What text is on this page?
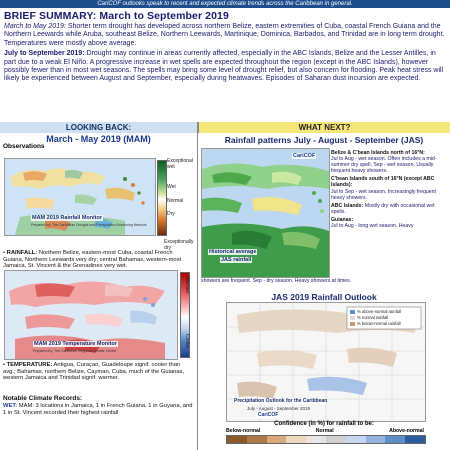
CariCOF outlooks speak to recent and expected climate trends across the Caribbean in general.
BRIEF SUMMARY: March to September 2019

March to May 2019: Shorter term drought has developed across northern Belize, eastern extremities of Cuba, coastal French Guiana and the Northern Leewards while Aruba, southeast Belize, Northern Leewards, Martinique, Dominica, Barbados, and Trinidad are in long term drought. Temperatures were mostly above average.

July to September 2019: Drought may continue in areas currently affected, especially in the ABC Islands, Belize and the Lesser Antilles, in part due to a weak El Niño. A progressive increase in wet spells are expected throughout the region (except in the ABC Islands), however possibly fewer than in most wet seasons. The spells may bring some level of drought relief, but also concern for flooding. Peak heat stress will likely be experienced between August and September, especially during heatwaves. Episodes of Saharan dust incursion are expected.

LOOKING BACK:
March - May 2019 (MAM)
Observations
MAM 2019 Rainfall Monitor
Prepared by: The Caribbean Drought and Precipitation Monitoring Network
Exceptional wet
Wet
Normal
Dry
Exceptionally dry
• RAINFALL: Northern Belize, eastern-most Cuba, coastal French Guiana, Northern Leewards very dry; central Bahamas, western-most Jamaica, St. Vincent & the Grenadines very wet.
MAM 2019 Temperature Monitor
Prepared by: The Caribbean Regional Climate Centre
Warmer
Cooler
• TEMPERATURE: Antigua, Curaçao, Guadeloupe signif. cooler than avg.; Bahamas, northern Belize, Cayman, Cuba, much of the Guianas, western Jamaica and Trinidad signif. warmer.
Notable Climate Records:
WET: MAM: 3 locations in Jamaica, 1 in French Guiana, 1 in Guyana, and 1 in St. Vincent recorded their highest rainfall
WHAT NEXT?
Rainfall patterns July - August - September (JAS)
CariCOF
Historical average
JAS rainfall
Belize & C'bean Islands north of 16°N:
Jul to Aug - wet season. Often includes a mid-summer dry spell. Sep - wet season. Usually frequent heavy showers.
C'bean Islands south of 16°N (except ABC Islands):
Jul to Sep - wet season. Increasingly frequent heavy showers.
ABC Islands: Mostly dry with occasional wet spells.
Guianas:
Jul to Aug - long wet season. Heavy
showers are frequent. Sep - dry season. Heavy showers at times.
JAS 2019 Rainfall Outlook
% above-normal rainfall
% normal rainfall
% below-normal rainfall
Precipitation Outlook for the Caribbean
July - August - September 2019
CariCOF
Confidence (in %) for rainfall to be:
Below-normal	Normal	Above-normal
